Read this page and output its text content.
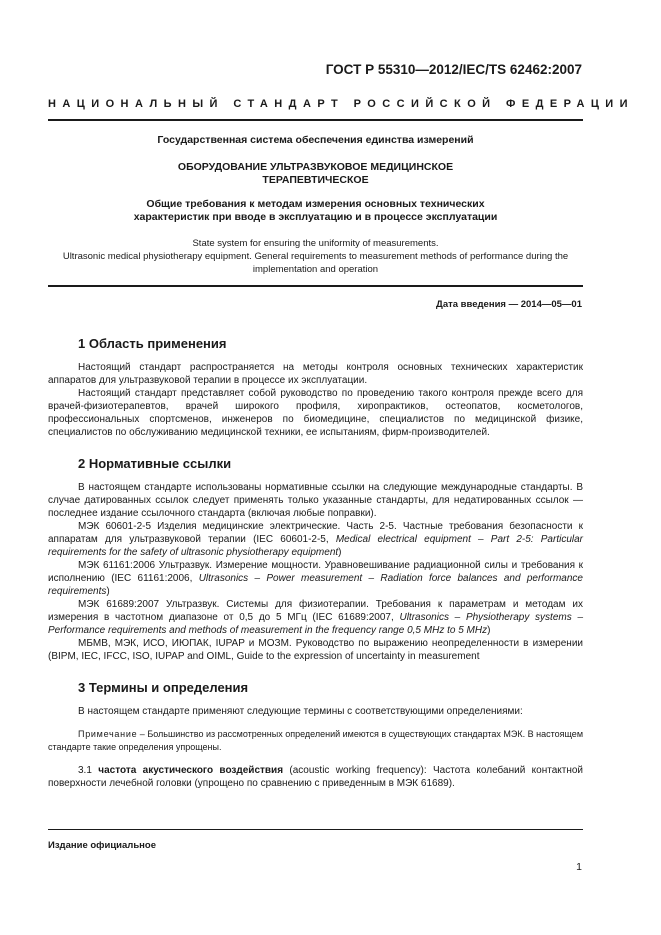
ГОСТ Р 55310—2012/IEC/TS 62462:2007
НАЦИОНАЛЬНЫЙ СТАНДАРТ РОССИЙСКОЙ ФЕДЕРАЦИИ
Государственная система обеспечения единства измерений
ОБОРУДОВАНИЕ УЛЬТРАЗВУКОВОЕ МЕДИЦИНСКОЕ
ТЕРАПЕВТИЧЕСКОЕ
Общие требования к методам измерения основных технических
характеристик при вводе в эксплуатацию и в процессе эксплуатации
State system for ensuring the uniformity of measurements.
Ultrasonic medical physiotherapy equipment. General requirements to measurement methods of performance during the implementation and operation
Дата введения — 2014—05—01
1 Область применения

Настоящий стандарт распространяется на методы контроля основных технических характеристик аппаратов для ультразвуковой терапии в процессе их эксплуатации.

Настоящий стандарт представляет собой руководство по проведению такого контроля прежде всего для врачей-физиотерапевтов, врачей широкого профиля, хиропрактиков, остеопатов, косметологов, профессиональных спортсменов, инженеров по биомедицине, специалистов по медицинской физике, специалистов по обслуживанию медицинской техники, ее испытаниям, фирм-производителей.

2 Нормативные ссылки

В настоящем стандарте использованы нормативные ссылки на следующие международные стандарты. В случае датированных ссылок следует применять только указанные стандарты, для недатированных ссылок — последнее издание ссылочного стандарта (включая любые поправки).

МЭК 60601-2-5 Изделия медицинские электрические. Часть 2-5. Частные требования безопасности к аппаратам для ультразвуковой терапии (IEC 60601-2-5, Medical electrical equipment – Part 2-5: Particular requirements for the safety of ultrasonic physiotherapy equipment)

МЭК 61161:2006 Ультразвук. Измерение мощности. Уравновешивание радиационной силы и требования к исполнению (IEC 61161:2006, Ultrasonics – Power measurement – Radiation force balances and performance requirements)

МЭК 61689:2007 Ультразвук. Системы для физиотерапии. Требования к параметрам и методам их измерения в частотном диапазоне от 0,5 до 5 МГц (IEC 61689:2007, Ultrasonics – Physiotherapy systems – Performance requirements and methods of measurement in the frequency range 0,5 MHz to 5 MHz)

МБМВ, МЭК, ИСО, ИЮПАК, IUPAP и МОЗМ. Руководство по выражению неопределенности в измерении (BIPM, IEC, IFCC, ISO, IUPAP and OIML, Guide to the expression of uncertainty in measurement

3 Термины и определения

В настоящем стандарте применяют следующие термины с соответствующими определениями:

Примечание – Большинство из рассмотренных определений имеются в существующих стандартах МЭК. В настоящем стандарте такие определения упрощены.

3.1 частота акустического воздействия (acoustic working frequency): Частота колебаний контактной поверхности лечебной головки (упрощено по сравнению с приведенным в МЭК 61689).

Издание официальное
1
